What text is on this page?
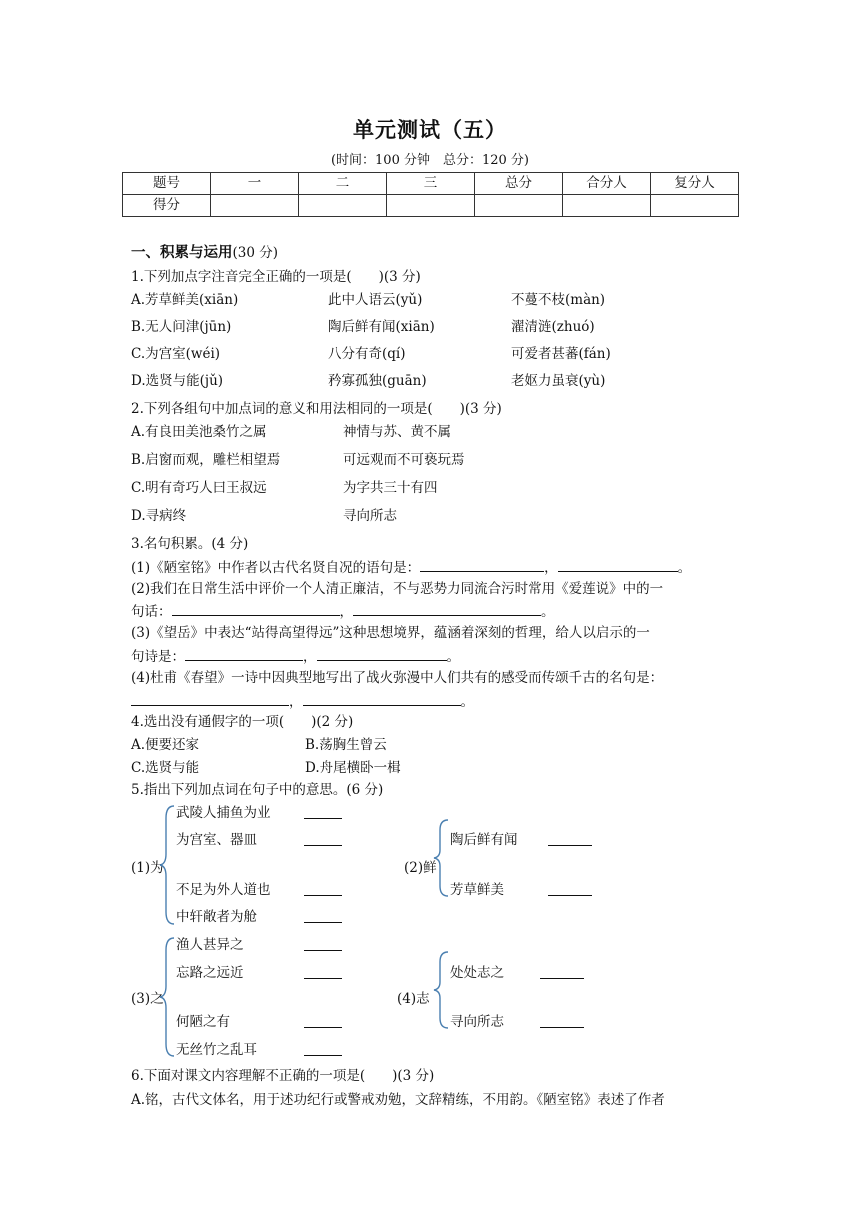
单元测试（五）
(时间：100 分钟　总分：120 分)
题号	一	二	三	总分	合分人	复分人
得分						
一、积累与运用(30 分)
1.下列加点字注音完全正确的一项是(　　)(3 分)
A.芳草鲜美(xiān)	此中人语云(yǔ)	不蔓不枝(màn)
B.无人问津(jūn)	陶后鲜有闻(xiān)	濯清涟(zhuó)
C.为宫室(wéi)	八分有奇(qí)	可爱者甚蕃(fán)
D.选贤与能(jǔ)	矜寡孤独(guān)	老妪力虽衰(yù)
2.下列各组句中加点词的意义和用法相同的一项是(　　)(3 分)
A.有良田美池桑竹之属	神情与苏、黄不属
B.启窗而观，雕栏相望焉	可远观而不可亵玩焉
C.明有奇巧人曰王叔远	为字共三十有四
D.寻病终	寻向所志
3.名句积累。(4 分)
(1)《陋室铭》中作者以古代名贤自况的语句是：	，	。
(2)我们在日常生活中评价一个人清正廉洁，不与恶势力同流合污时常用《爱莲说》中的一
句话：	，	。
(3)《望岳》中表达“站得高望得远”这种思想境界，蕴涵着深刻的哲理，给人以启示的一
句诗是：	，	。
(4)杜甫《春望》一诗中因典型地写出了战火弥漫中人们共有的感受而传颂千古的名句是：
，	。
4.选出没有通假字的一项(　　)(2 分)
A.便要还家	B.荡胸生曾云
C.选贤与能	D.舟尾横卧一楫
5.指出下列加点词在句子中的意思。(6 分)
(1)为
武陵人捕鱼为业
为宫室、器皿
不足为外人道也
中轩敞者为舱
(2)鲜
陶后鲜有闻
芳草鲜美
(3)之
渔人甚异之
忘路之远近
何陋之有
无丝竹之乱耳
(4)志
处处志之
寻向所志
6.下面对课文内容理解不正确的一项是(　　)(3 分)
A.铭，古代文体名，用于述功纪行或警戒劝勉，文辞精练，不用韵。《陋室铭》表述了作者
